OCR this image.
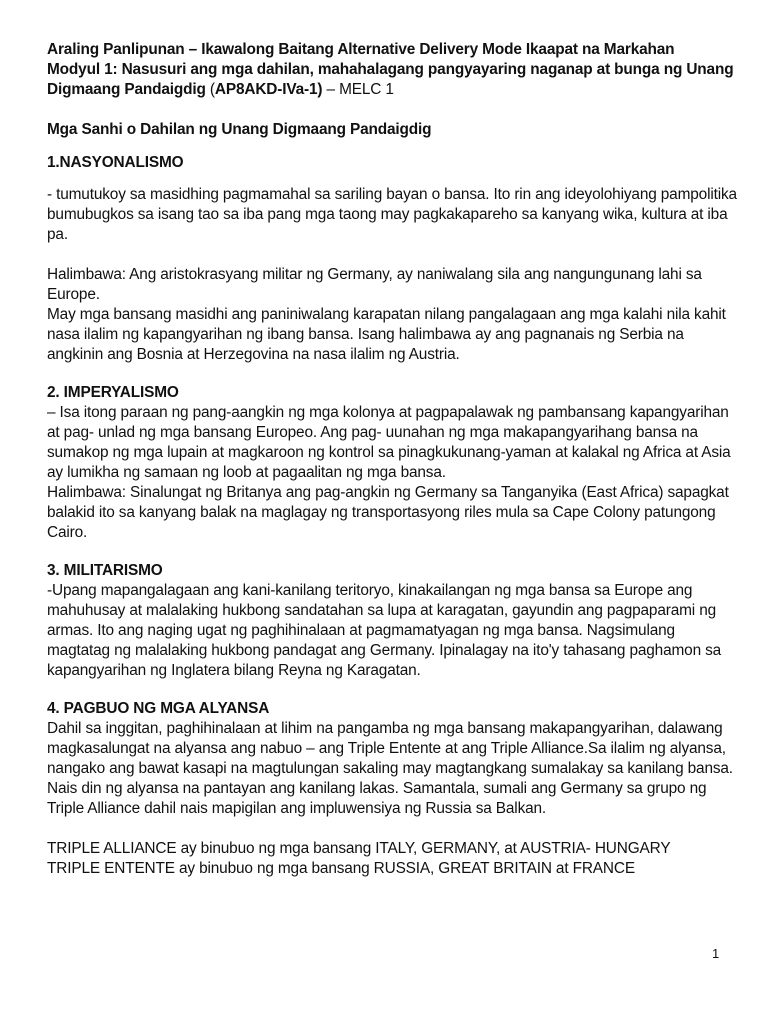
Araling Panlipunan – Ikawalong Baitang Alternative Delivery Mode Ikaapat na Markahan

Modyul 1: Nasusuri ang mga dahilan, mahahalagang pangyayaring naganap at bunga ng Unang

Digmaang Pandaigdig (AP8AKD-IVa-1) – MELC 1

Mga Sanhi o Dahilan ng Unang Digmaang Pandaigdig

1.NASYONALISMO

- tumutukoy sa masidhing pagmamahal sa sariling bayan o bansa. Ito rin ang ideyolohiyang pampolitika bumubugkos sa isang tao sa iba pang mga taong may pagkakapareho sa kanyang wika, kultura at iba pa.

Halimbawa: Ang aristokrasyang militar ng Germany, ay naniwalang sila ang nangungunang lahi sa Europe.

May mga bansang masidhi ang paniniwalang karapatan nilang pangalagaan ang mga kalahi nila kahit nasa ilalim ng kapangyarihan ng ibang bansa. Isang halimbawa ay ang pagnanais ng Serbia na angkinin ang Bosnia at Herzegovina na nasa ilalim ng Austria.

2. IMPERYALISMO

– Isa itong paraan ng pang-aangkin ng mga kolonya at pagpapalawak ng pambansang kapangyarihan at pag- unlad ng mga bansang Europeo. Ang pag- uunahan ng mga makapangyarihang bansa na sumakop ng mga lupain at magkaroon ng kontrol sa pinagkukunang-yaman at kalakal ng Africa at Asia ay lumikha ng samaan ng loob at pagaalitan ng mga bansa.

Halimbawa: Sinalungat ng Britanya ang pag-angkin ng Germany sa Tanganyika (East Africa) sapagkat balakid ito sa kanyang balak na maglagay ng transportasyong riles mula sa Cape Colony patungong Cairo.

3. MILITARISMO

-Upang mapangalagaan ang kani-kanilang teritoryo, kinakailangan ng mga bansa sa Europe ang mahuhusay at malalaking hukbong sandatahan sa lupa at karagatan, gayundin ang pagpaparami ng armas. Ito ang naging ugat ng paghihinalaan at pagmamatyagan ng mga bansa. Nagsimulang magtatag ng malalaking hukbong pandagat ang Germany. Ipinalagay na ito'y tahasang paghamon sa kapangyarihan ng Inglatera bilang Reyna ng Karagatan.

4. PAGBUO NG MGA ALYANSA

Dahil sa inggitan, paghihinalaan at lihim na pangamba ng mga bansang makapangyarihan, dalawang magkasalungat na alyansa ang nabuo – ang Triple Entente at ang Triple Alliance.Sa ilalim ng alyansa, nangako ang bawat kasapi na magtulungan sakaling may magtangkang sumalakay sa kanilang bansa. Nais din ng alyansa na pantayan ang kanilang lakas. Samantala, sumali ang Germany sa grupo ng Triple Alliance dahil nais mapigilan ang impluwensiya ng Russia sa Balkan.

TRIPLE ALLIANCE ay binubuo ng mga bansang ITALY, GERMANY, at AUSTRIA- HUNGARY

TRIPLE ENTENTE ay binubuo ng mga bansang RUSSIA, GREAT BRITAIN at FRANCE

1
